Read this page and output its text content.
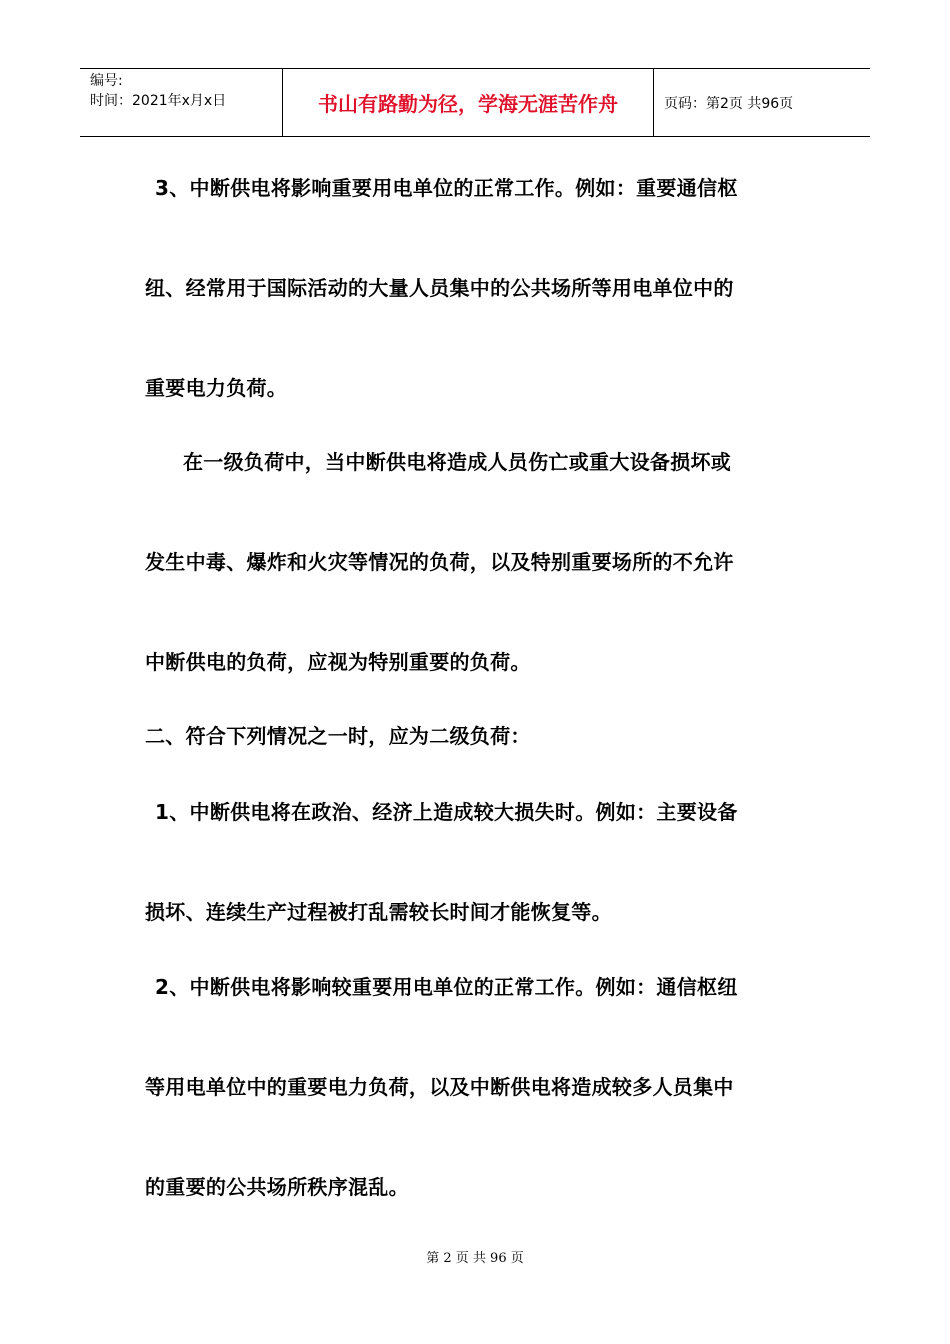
编号:
时间：2021年x月x日	书山有路勤为径，学海无涯苦作舟	页码：第2页 共96页
3、中断供电将影响重要用电单位的正常工作。例如：重要通信枢
纽、经常用于国际活动的大量人员集中的公共场所等用电单位中的
重要电力负荷。
在一级负荷中，当中断供电将造成人员伤亡或重大设备损坏或
发生中毒、爆炸和火灾等情况的负荷，以及特别重要场所的不允许
中断供电的负荷，应视为特别重要的负荷。
二、符合下列情况之一时，应为二级负荷：
1、中断供电将在政治、经济上造成较大损失时。例如：主要设备
损坏、连续生产过程被打乱需较长时间才能恢复等。
2、中断供电将影响较重要用电单位的正常工作。例如：通信枢纽
等用电单位中的重要电力负荷，以及中断供电将造成较多人员集中
的重要的公共场所秩序混乱。
第 2 页 共 96 页
